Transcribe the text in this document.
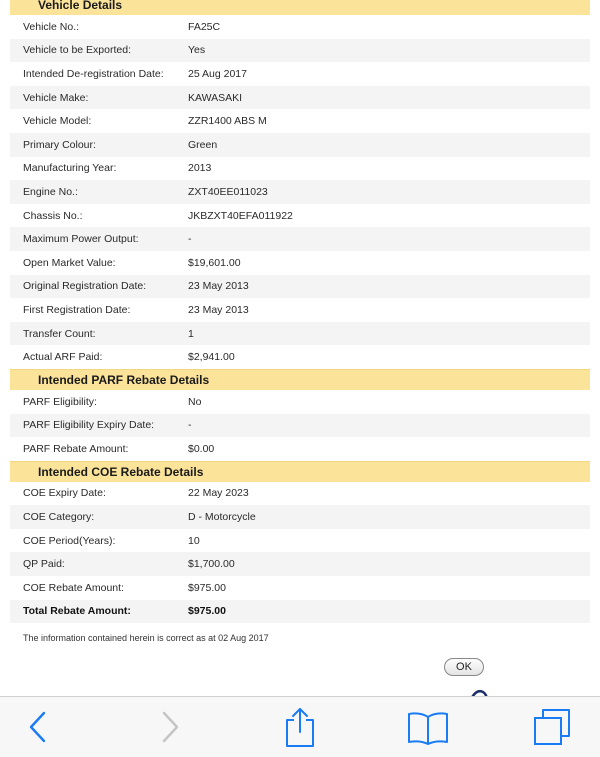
Vehicle Details
Vehicle No.:	FA25C
Vehicle to be Exported:	Yes
Intended De-registration Date:	25 Aug 2017
Vehicle Make:	KAWASAKI
Vehicle Model:	ZZR1400 ABS M
Primary Colour:	Green
Manufacturing Year:	2013
Engine No.:	ZXT40EE011023
Chassis No.:	JKBZXT40EFA011922
Maximum Power Output:	-
Open Market Value:	$19,601.00
Original Registration Date:	23 May 2013
First Registration Date:	23 May 2013
Transfer Count:	1
Actual ARF Paid:	$2,941.00
Intended PARF Rebate Details
PARF Eligibility:	No
PARF Eligibility Expiry Date:	-
PARF Rebate Amount:	$0.00
Intended COE Rebate Details
COE Expiry Date:	22 May 2023
COE Category:	D - Motorcycle
COE Period(Years):	10
QP Paid:	$1,700.00
COE Rebate Amount:	$975.00
Total Rebate Amount:	$975.00
The information contained herein is correct as at 02 Aug 2017
OK
